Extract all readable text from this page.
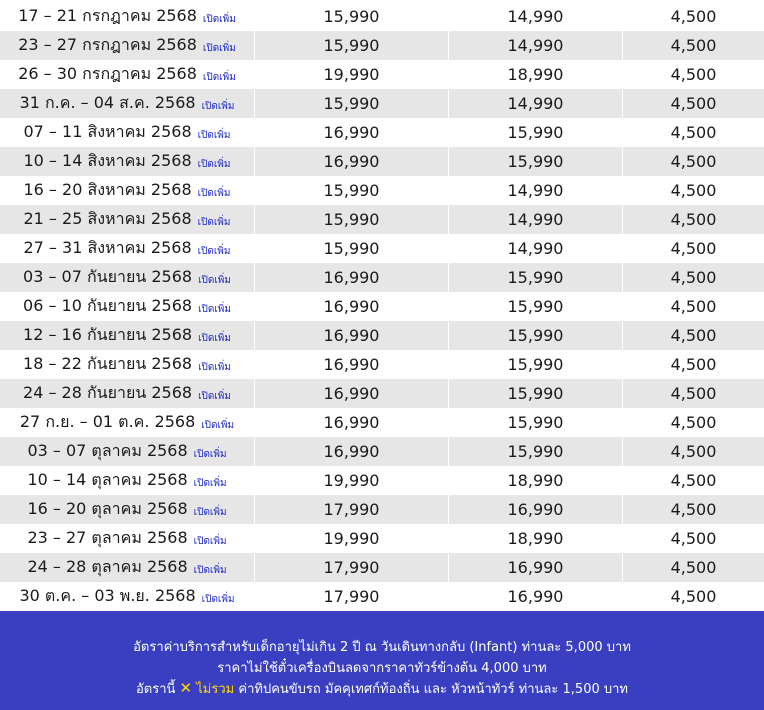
17 – 21 กรกฎาคม 2568 เปิดเพิ่ม	15,990	14,990	4,500
23 – 27 กรกฎาคม 2568 เปิดเพิ่ม	15,990	14,990	4,500
26 – 30 กรกฎาคม 2568 เปิดเพิ่ม	19,990	18,990	4,500
31 ก.ค. – 04 ส.ค. 2568 เปิดเพิ่ม	15,990	14,990	4,500
07 – 11 สิงหาคม 2568 เปิดเพิ่ม	16,990	15,990	4,500
10 – 14 สิงหาคม 2568 เปิดเพิ่ม	16,990	15,990	4,500
16 – 20 สิงหาคม 2568 เปิดเพิ่ม	15,990	14,990	4,500
21 – 25 สิงหาคม 2568 เปิดเพิ่ม	15,990	14,990	4,500
27 – 31 สิงหาคม 2568 เปิดเพิ่ม	15,990	14,990	4,500
03 – 07 กันยายน 2568 เปิดเพิ่ม	16,990	15,990	4,500
06 – 10 กันยายน 2568 เปิดเพิ่ม	16,990	15,990	4,500
12 – 16 กันยายน 2568 เปิดเพิ่ม	16,990	15,990	4,500
18 – 22 กันยายน 2568 เปิดเพิ่ม	16,990	15,990	4,500
24 – 28 กันยายน 2568 เปิดเพิ่ม	16,990	15,990	4,500
27 ก.ย. – 01 ต.ค. 2568 เปิดเพิ่ม	16,990	15,990	4,500
03 – 07 ตุลาคม 2568 เปิดเพิ่ม	16,990	15,990	4,500
10 – 14 ตุลาคม 2568 เปิดเพิ่ม	19,990	18,990	4,500
16 – 20 ตุลาคม 2568 เปิดเพิ่ม	17,990	16,990	4,500
23 – 27 ตุลาคม 2568 เปิดเพิ่ม	19,990	18,990	4,500
24 – 28 ตุลาคม 2568 เปิดเพิ่ม	17,990	16,990	4,500
30 ต.ค. – 03 พ.ย. 2568 เปิดเพิ่ม	17,990	16,990	4,500
อัตราค่าบริการสำหรับเด็กอายุไม่เกิน 2 ปี ณ วันเดินทางกลับ (Infant) ท่านละ 5,000 บาท
ราคาไม่ใช้ตั๋วเครื่องบินลดจากราคาทัวร์ข้างต้น 4,000 บาท
อัตรานี้ ✕ ไม่รวม ค่าทิปคนขับรถ มัคคุเทศก์ท้องถิ่น และ หัวหน้าทัวร์ ท่านละ 1,500 บาท
